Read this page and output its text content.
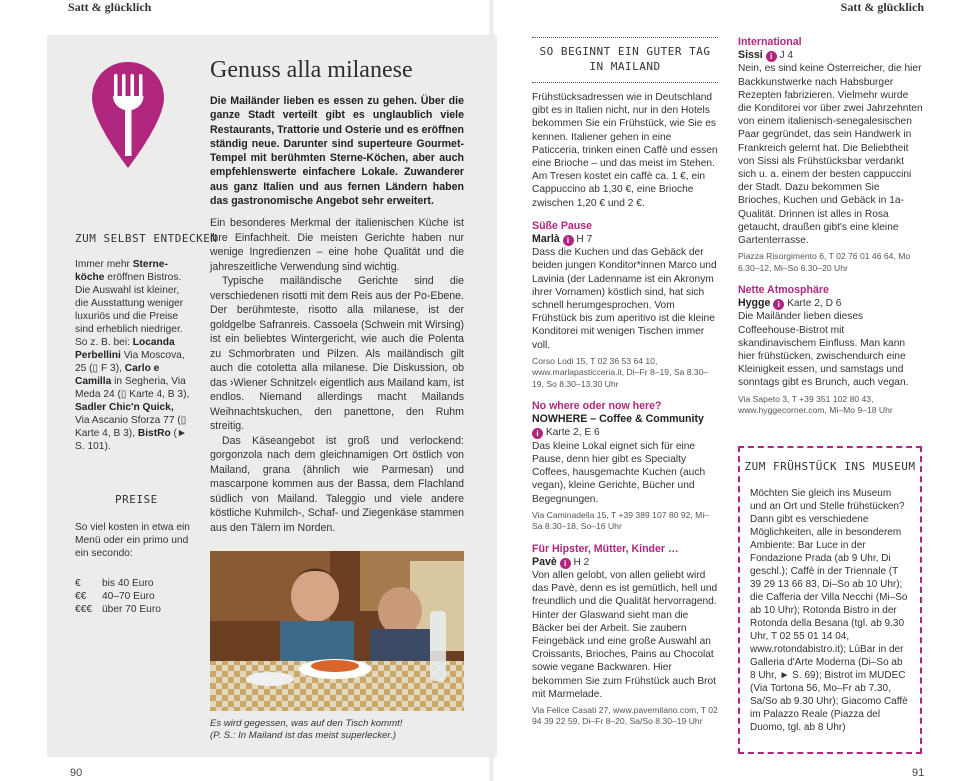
Satt & glücklich	Satt & glücklich
90	91
ZUM SELBST ENTDECKEN
Immer mehr Sterneköche eröffnen Bistros. Die Auswahl ist kleiner, die Ausstattung weniger luxuriös und die Preise sind erheblich niedriger. So z. B. bei: Locanda Perbellini Via Moscova, 25 (▯ F 3), Carlo e Camilla in Segheria, Via Meda 24 (▯ Karte 4, B 3), Sadler Chic'n Quick, Via Ascanio Sforza 77 (▯ Karte 4, B 3), BistRo (► S. 101).
PREISE
So viel kosten in etwa ein Menü oder ein primo und ein secondo:
€	bis 40 Euro
€€	40–70 Euro
€€€	über 70 Euro
Genuss alla milanese
Die Mailänder lieben es essen zu gehen. Über die ganze Stadt verteilt gibt es unglaublich viele Restaurants, Trattorie und Osterie und es eröffnen ständig neue. Darunter sind superteure Gourmet-Tempel mit berühmten Sterne-Köchen, aber auch empfehlenswerte einfachere Lokale. Zuwanderer aus ganz Italien und aus fernen Ländern haben das gastronomische Angebot sehr erweitert.

Ein besonderes Merkmal der italienischen Küche ist ihre Einfachheit. Die meisten Gerichte haben nur wenige Ingredienzen – eine hohe Qualität und die jahreszeitliche Verwendung sind wichtig.

Typische mailändische Gerichte sind die verschiedenen risotti mit dem Reis aus der Po-Ebene. Der berühmteste, risotto alla milanese, ist der goldgelbe Safranreis. Cassoela (Schwein mit Wirsing) ist ein beliebtes Wintergericht, wie auch die Polenta zu Schmorbraten und Pilzen. Als mailändisch gilt auch die cotoletta alla milanese. Die Diskussion, ob das ›Wiener Schnitzel‹ eigentlich aus Mailand kam, ist endlos. Niemand allerdings macht Mailands Weihnachtskuchen, den panettone, den Ruhm streitig.

Das Käseangebot ist groß und verlockend: gorgonzola nach dem gleichnamigen Ort östlich von Mailand, grana (ähnlich wie Parmesan) und mascarpone kommen aus der Bassa, dem Flachland südlich von Mailand. Taleggio und viele andere köstliche Kuhmilch-, Schaf- und Ziegenkäse stammen aus den Tälern im Norden.

Es wird gegessen, was auf den Tisch kommt!
(P. S.: In Mailand ist das meist superlecker.)
SO BEGINNT EIN GUTER TAG
IN MAILAND

Frühstücksadressen wie in Deutschland gibt es in Italien nicht, nur in den Hotels bekommen Sie ein Frühstück, wie Sie es kennen. Italiener gehen in eine Paticceria, trinken einen Caffè und essen eine Brioche – und das meist im Stehen. Am Tresen kostet ein caffè ca. 1 €, ein Cappuccino ab 1,30 €, eine Brioche zwischen 1,20 € und 2 €.

Süße Pause
Marlà i H 7

Dass die Kuchen und das Gebäck der beiden jungen Konditor*innen Marco und Lavinia (der Ladenname ist ein Akronym ihrer Vornamen) köstlich sind, hat sich schnell herumgesprochen. Vom Frühstück bis zum aperitivo ist die kleine Konditorei mit wenigen Tischen immer voll.

Corso Lodi 15, T 02 36 53 64 10, www.marlapasticceria.it, Di–Fr 8–19, Sa 8.30–19, So 8.30–13.30 Uhr

No where oder now here?
NOWHERE – Coffee & Community
i Karte 2, E 6

Das kleine Lokal eignet sich für eine Pause, denn hier gibt es Specialty Coffees, hausgemachte Kuchen (auch vegan), kleine Gerichte, Bücher und Begegnungen.

Via Caminadella 15, T +39 389 107 80 92, Mi–Sa 8.30–18, So–16 Uhr

Für Hipster, Mütter, Kinder …
Pavè i H 2

Von allen gelobt, von allen geliebt wird das Pavè, denn es ist gemütlich, hell und freundlich und die Qualität hervorragend. Hinter der Glaswand sieht man die Bäcker bei der Arbeit. Sie zaubern Feingebäck und eine große Auswahl an Croissants, Brioches, Pains au Chocolat sowie vegane Backwaren. Hier bekommen Sie zum Frühstück auch Brot mit Marmelade.

Via Felice Casati 27, www.pavemilano.com, T 02 94 39 22 59, Di–Fr 8–20, Sa/So 8.30–19 Uhr

International
Sissi i J 4

Nein, es sind keine Österreicher, die hier Backkunstwerke nach Habsburger Rezepten fabrizieren. Vielmehr wurde die Konditorei vor über zwei Jahrzehnten von einem italienisch-senegalesischen Paar gegründet, das sein Handwerk in Frankreich gelernt hat. Die Beliebtheit von Sissi als Frühstücksbar verdankt sich u. a. einem der besten cappuccini der Stadt. Dazu bekommen Sie Brioches, Kuchen und Gebäck in 1a-Qualität. Drinnen ist alles in Rosa getaucht, draußen gibt's eine kleine Gartenterrasse.

Piazza Risorgimento 6, T 02 76 01 46 64, Mo 6.30–12, Mi–So 6.30–20 Uhr

Nette Atmosphäre
Hygge i Karte 2, D 6

Die Mailänder lieben dieses Coffeehouse-Bistrot mit skandinavischem Einfluss. Man kann hier frühstücken, zwischendurch eine Kleinigkeit essen, und samstags und sonntags gibt es Brunch, auch vegan.

Via Sapeto 3, T +39 351 102 80 43, www.hyggecorner.com, Mi–Mo 9–18 Uhr

ZUM FRÜHSTÜCK INS MUSEUM
Möchten Sie gleich ins Museum und an Ort und Stelle frühstücken? Dann gibt es verschiedene Möglichkeiten, alle in besonderem Ambiente: Bar Luce in der Fondazione Prada (ab 9 Uhr, Di geschl.); Caffè in der Triennale (T 39 29 13 66 83, Di–So ab 10 Uhr); die Cafferia der Villa Necchi (Mi–So ab 10 Uhr); Rotonda Bistro in der Rotonda della Besana (tgl. ab 9.30 Uhr, T 02 55 01 14 04, www.rotondabistro.it); LùBar in der Galleria d'Arte Moderna (Di–So ab 8 Uhr, ► S. 69); Bistrot im MUDEC (Via Tortona 56, Mo–Fr ab 7.30, Sa/So ab 9.30 Uhr); Giacomo Caffè im Palazzo Reale (Piazza del Duomo, tgl. ab 8 Uhr)
